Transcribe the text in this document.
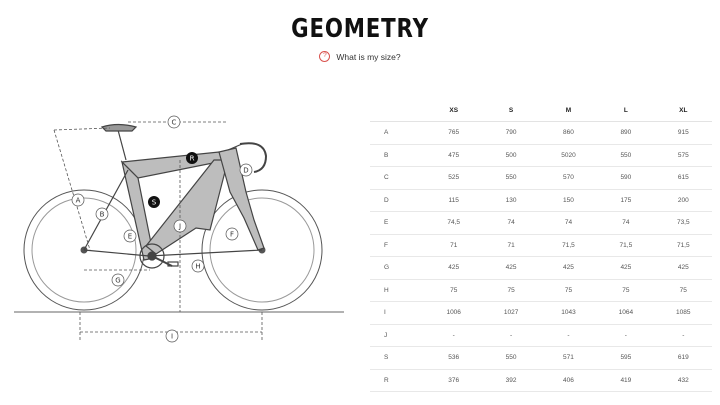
GEOMETRY
?	What is my size?
C
A
B
D
E	F
G
H
I
J
R
S
	XS	S	M	L	XL
A	765	790	860	890	915
B	475	500	5020	550	575
C	525	550	570	590	615
D	115	130	150	175	200
E	74,5	74	74	74	73,5
F	71	71	71,5	71,5	71,5
G	425	425	425	425	425
H	75	75	75	75	75
I	1006	1027	1043	1064	1085
J	-	-	-	-	-
S	536	550	571	595	619
R	376	392	406	419	432
